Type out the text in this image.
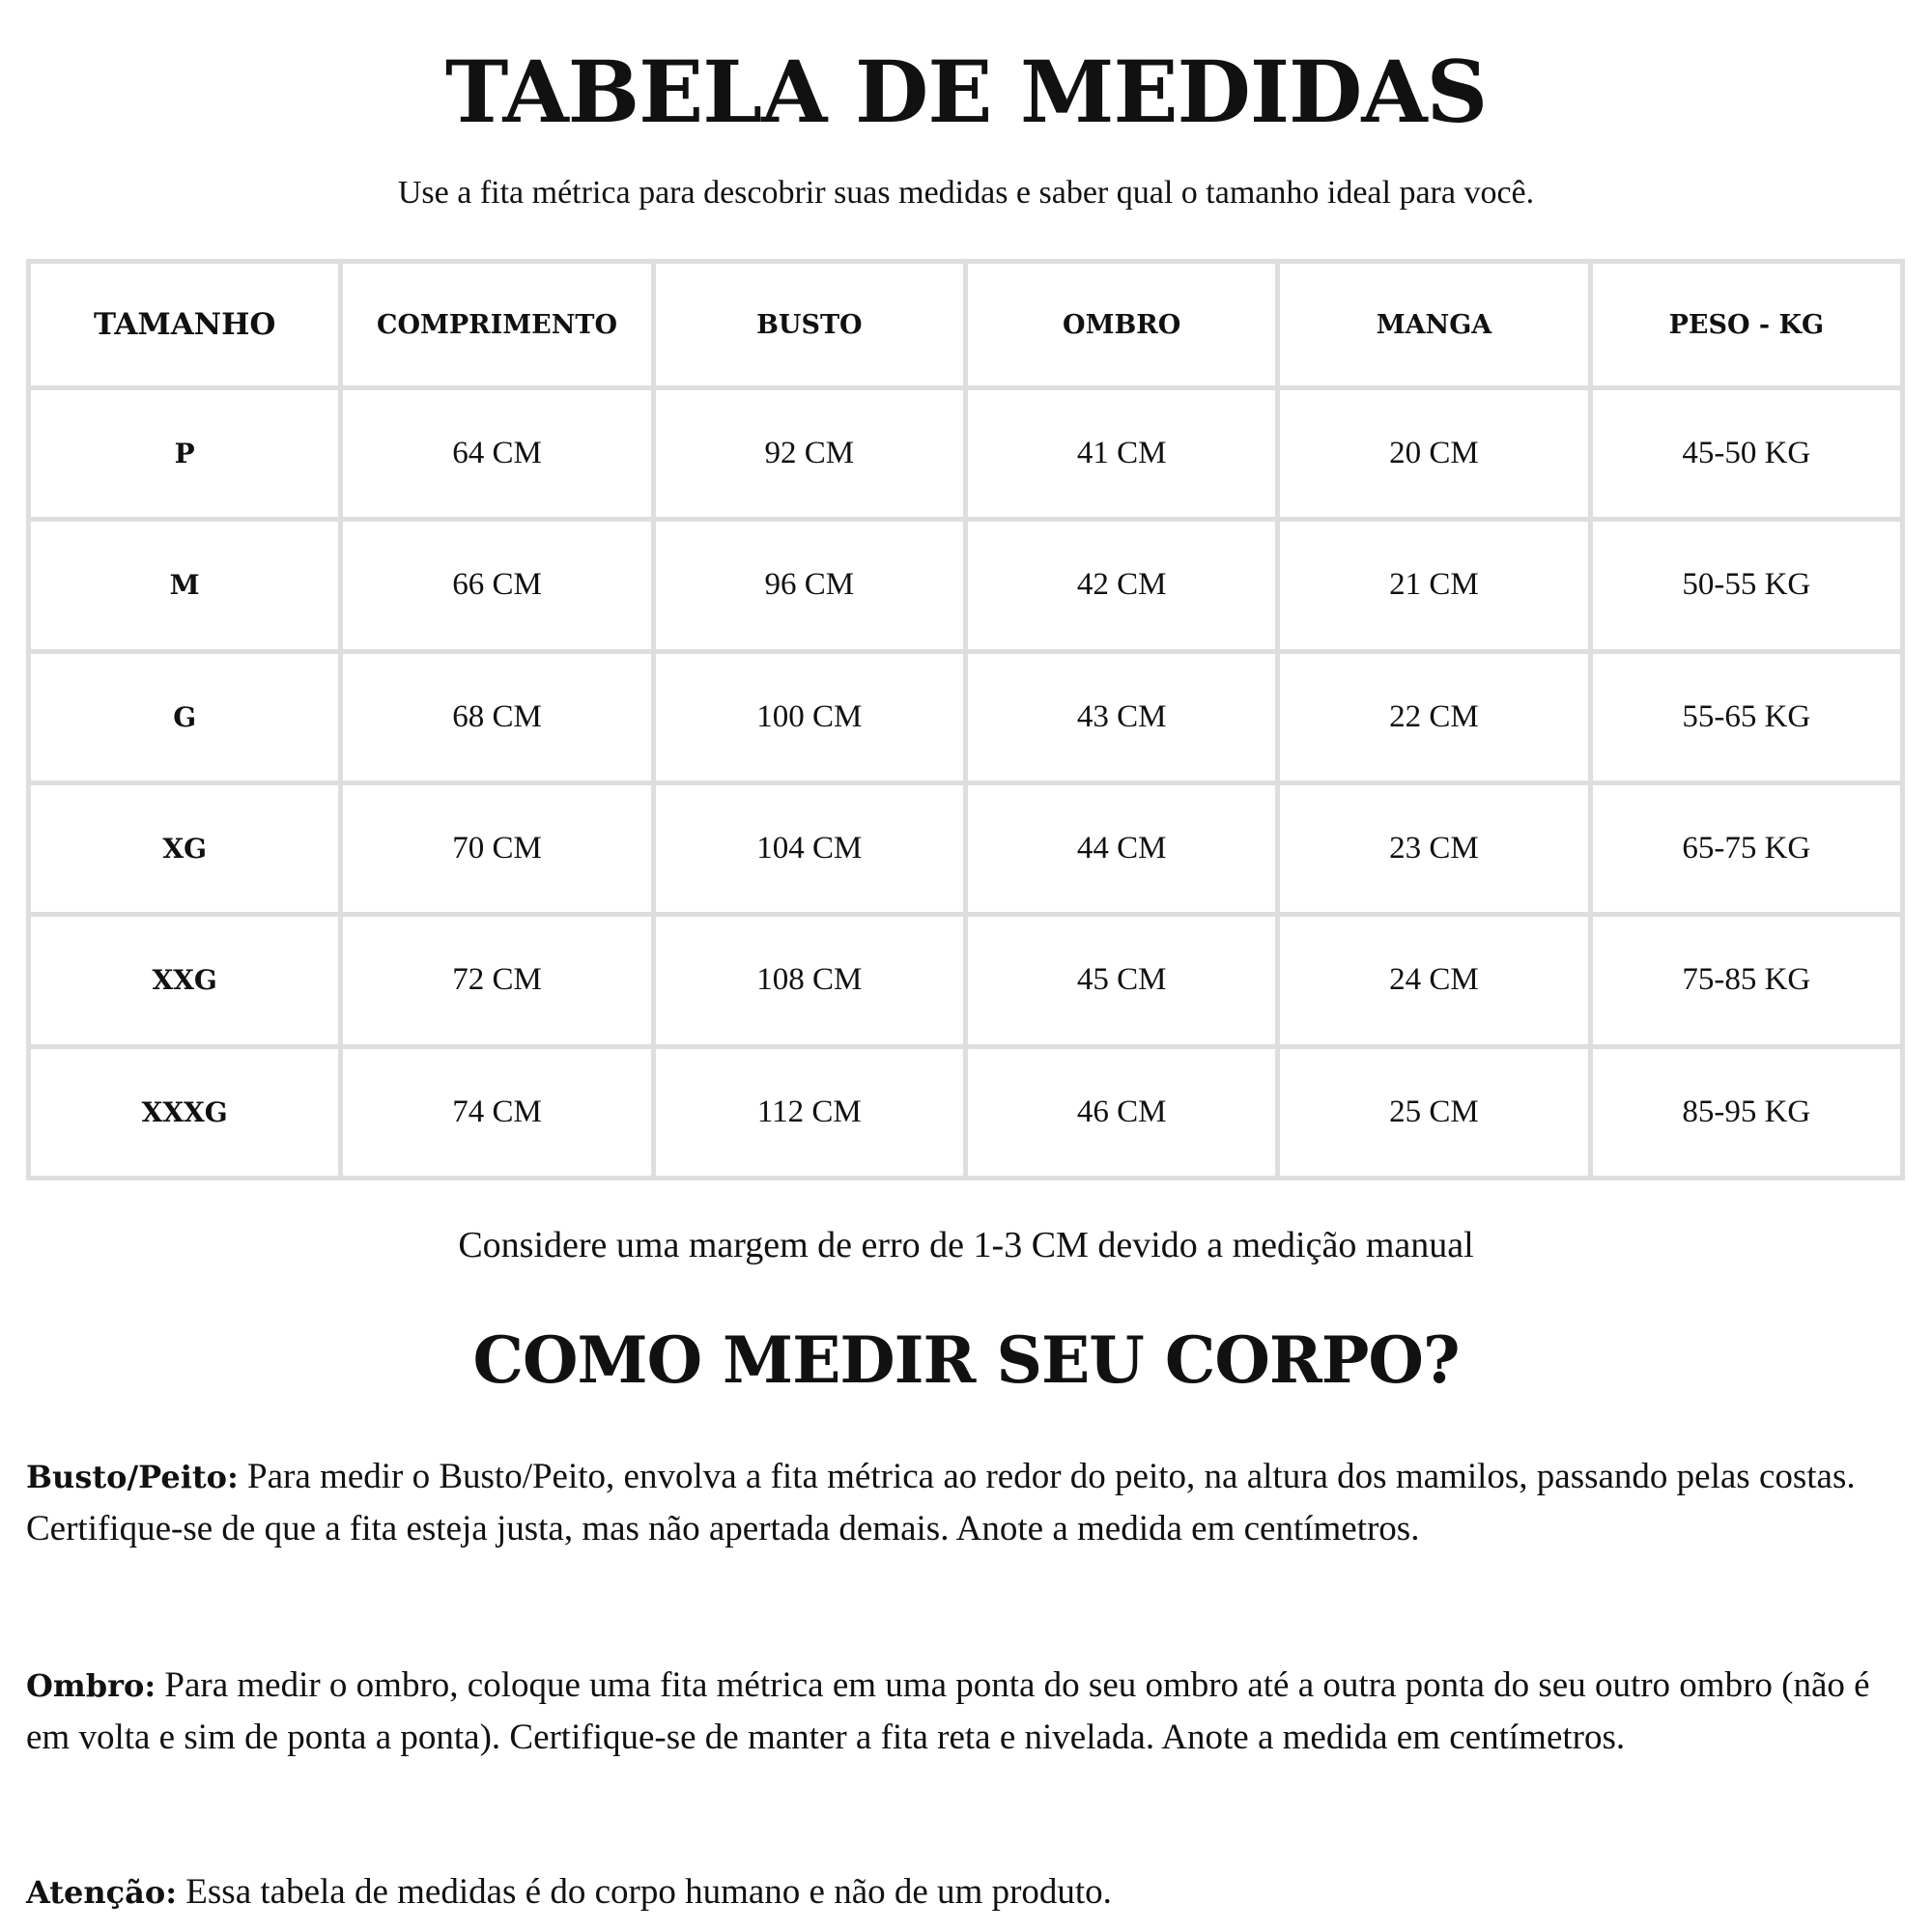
TABELA DE MEDIDAS

Use a fita métrica para descobrir suas medidas e saber qual o tamanho ideal para você.

TAMANHO	COMPRIMENTO	BUSTO	OMBRO	MANGA	PESO - KG
P	64 CM	92 CM	41 CM	20 CM	45-50 KG
M	66 CM	96 CM	42 CM	21 CM	50-55 KG
G	68 CM	100 CM	43 CM	22 CM	55-65 KG
XG	70 CM	104 CM	44 CM	23 CM	65-75 KG
XXG	72 CM	108 CM	45 CM	24 CM	75-85 KG
XXXG	74 CM	112 CM	46 CM	25 CM	85-95 KG

Considere uma margem de erro de 1-3 CM devido a medição manual

COMO MEDIR SEU CORPO?

Busto/Peito: Para medir o Busto/Peito, envolva a fita métrica ao redor do peito, na altura dos mamilos, passando pelas costas. Certifique-se de que a fita esteja justa, mas não apertada demais. Anote a medida em centímetros.

Ombro: Para medir o ombro, coloque uma fita métrica em uma ponta do seu ombro até a outra ponta do seu outro ombro (não é em volta e sim de ponta a ponta). Certifique-se de manter a fita reta e nivelada. Anote a medida em centímetros.

Atenção: Essa tabela de medidas é do corpo humano e não de um produto.
